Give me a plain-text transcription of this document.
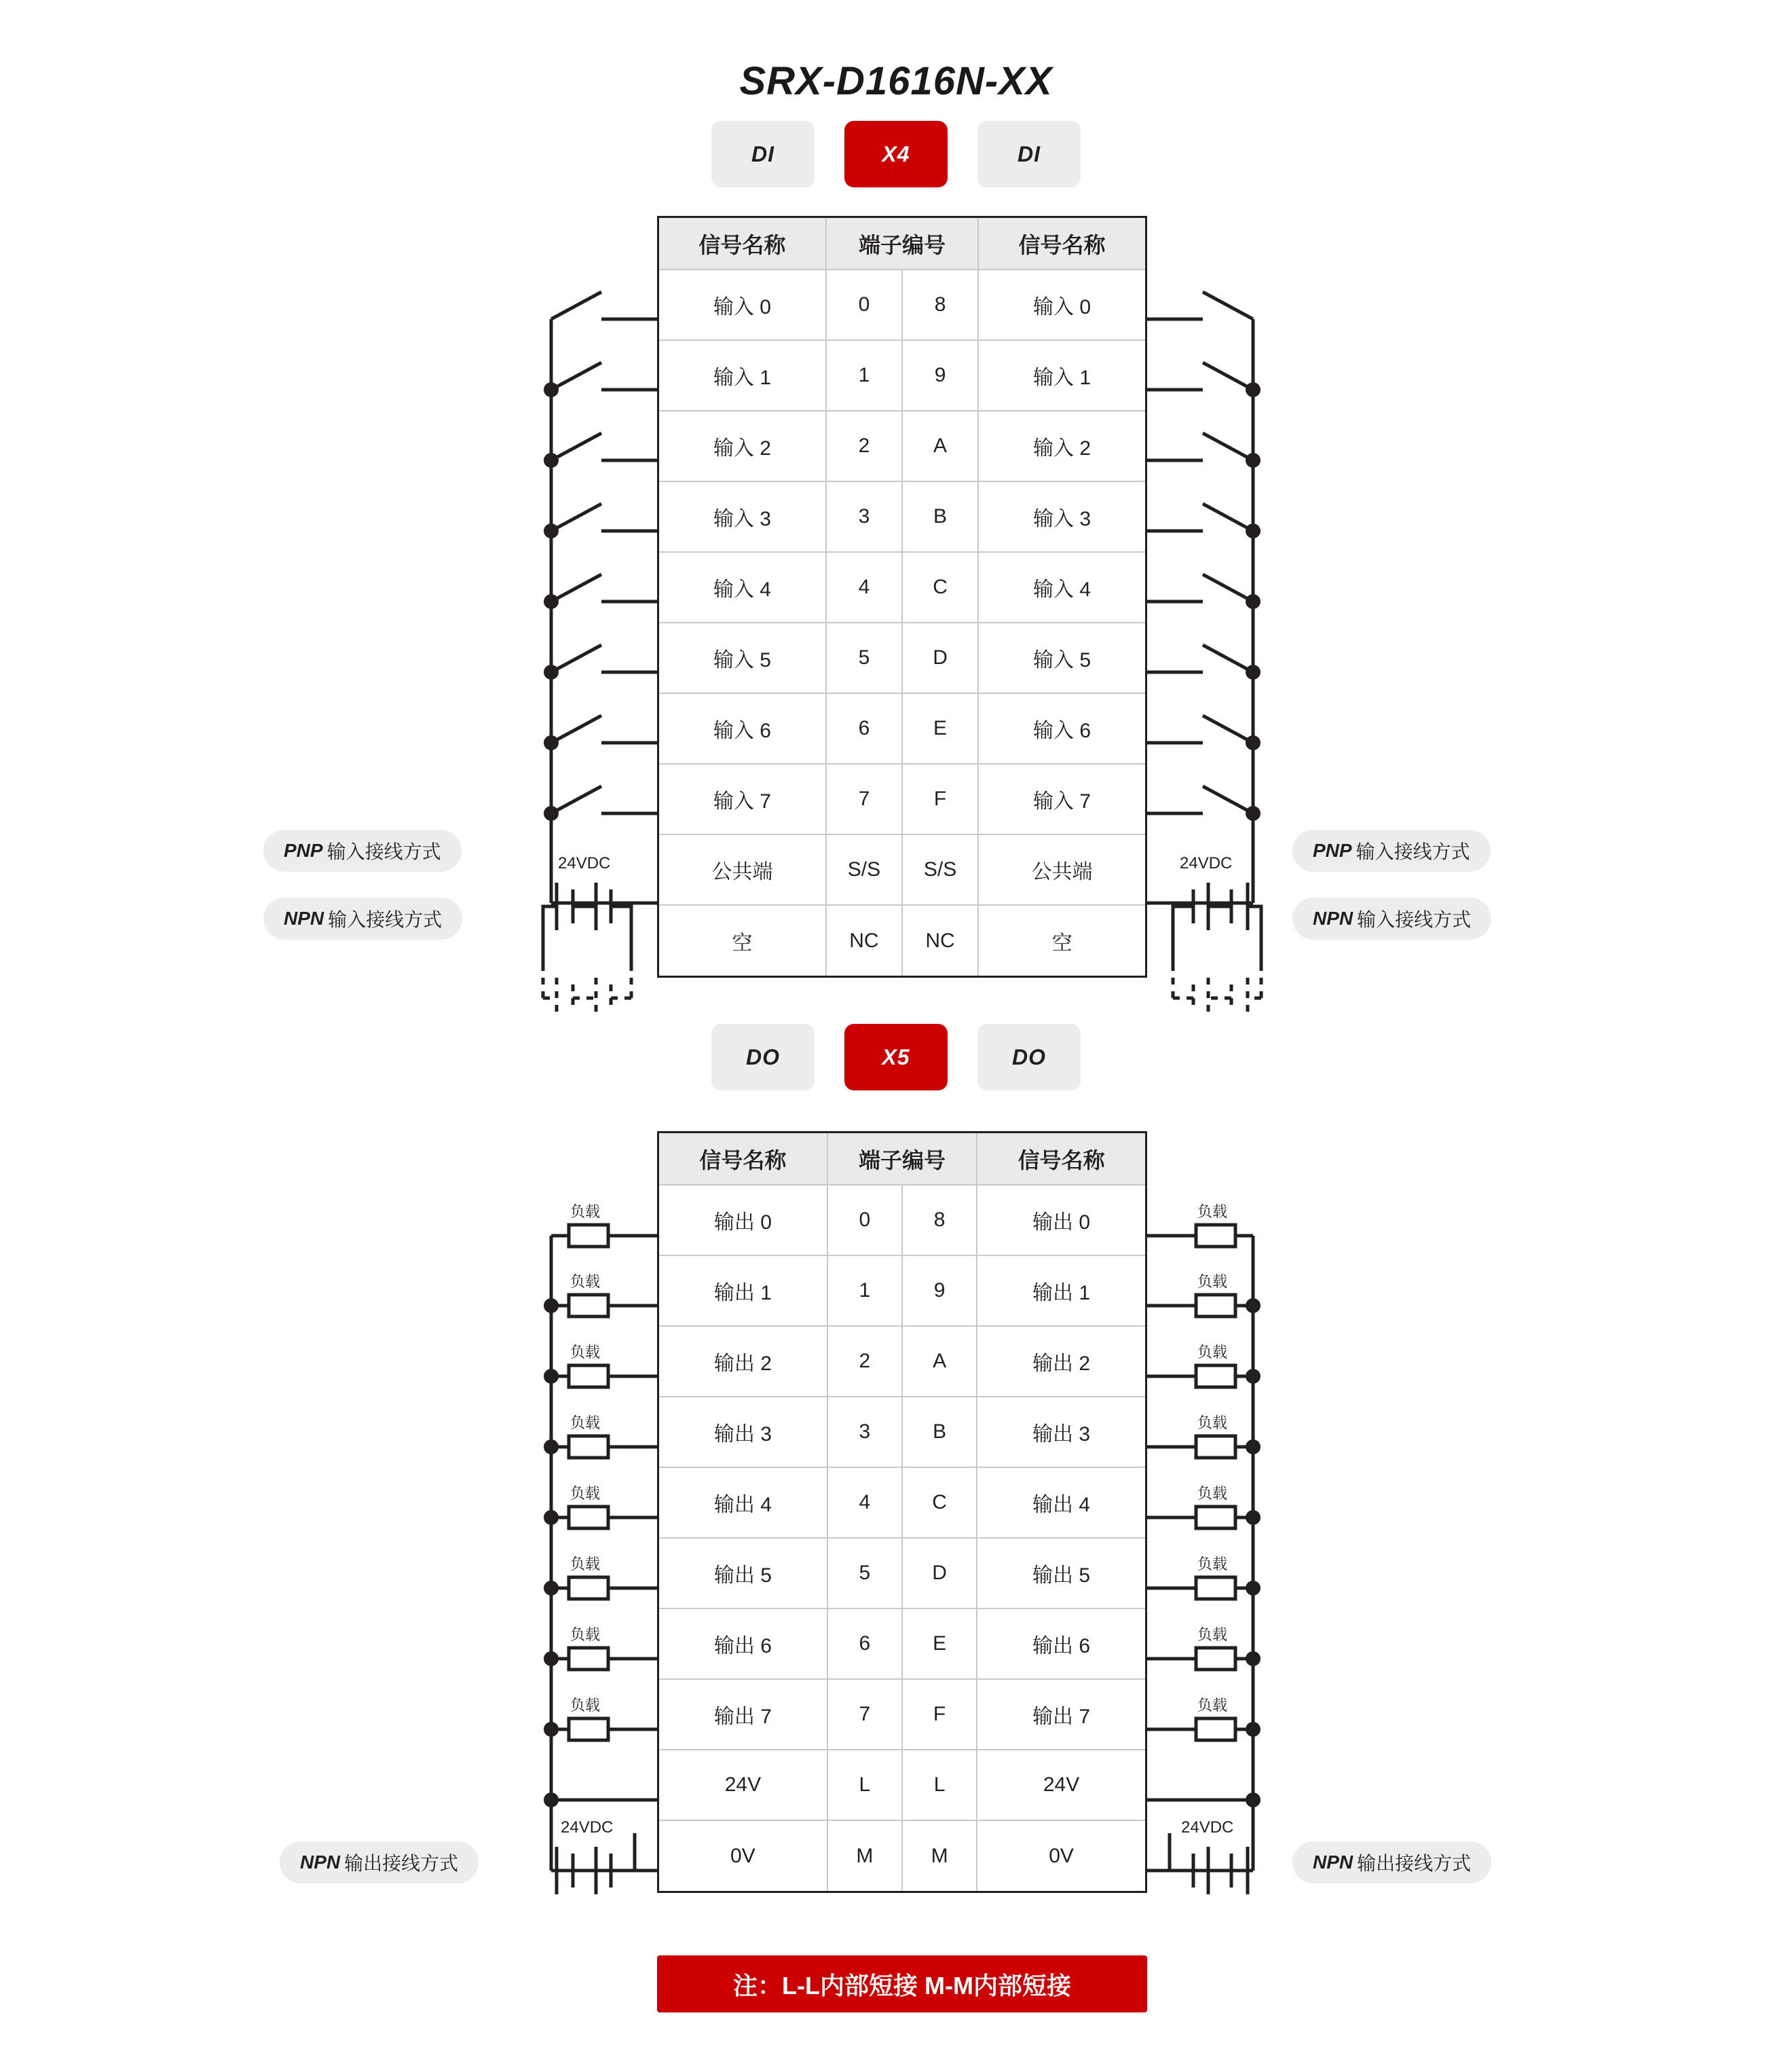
SRX-D1616N-XX
DI	X4	DI
信号名称	端子编号		信号名称
输入 0	0	8	输入 0
输入 1	1	9	输入 1
输入 2	2	A	输入 2
输入 3	3	B	输入 3
输入 4	4	C	输入 4
输入 5	5	D	输入 5
输入 6	6	E	输入 6
输入 7	7	F	输入 7
公共端	S/S	S/S	公共端
空	NC	NC	空
24VDC	24VDC
PNP 输入接线方式
NPN 输入接线方式
PNP 输入接线方式
NPN 输入接线方式
DO	X5	DO
信号名称	端子编号		信号名称
输出 0	0	8	输出 0
输出 1	1	9	输出 1
输出 2	2	A	输出 2
输出 3	3	B	输出 3
输出 4	4	C	输出 4
输出 5	5	D	输出 5
输出 6	6	E	输出 6
输出 7	7	F	输出 7
24V	L	L	24V
0V	M	M	0V
负载
负载
负载
负载
负载
负载
负载
负载
负载
负载
负载
负载
负载
负载
负载
负载
24VDC	24VDC
NPN 输出接线方式	NPN 输出接线方式
注：L-L内部短接 M-M内部短接
